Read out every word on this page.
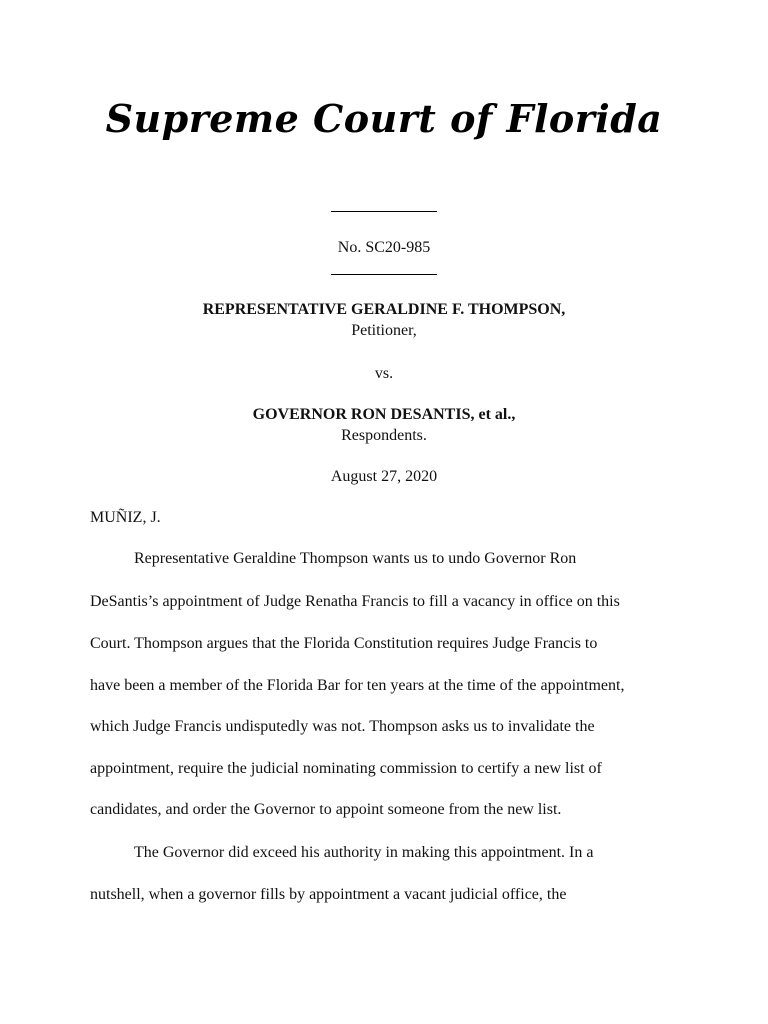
Supreme Court of Florida
No. SC20-985
REPRESENTATIVE GERALDINE F. THOMPSON,
Petitioner,
vs.
GOVERNOR RON DESANTIS, et al.,
Respondents.
August 27, 2020
MUÑIZ, J.
Representative Geraldine Thompson wants us to undo Governor Ron
DeSantis’s appointment of Judge Renatha Francis to fill a vacancy in office on this
Court. Thompson argues that the Florida Constitution requires Judge Francis to
have been a member of the Florida Bar for ten years at the time of the appointment,
which Judge Francis undisputedly was not. Thompson asks us to invalidate the
appointment, require the judicial nominating commission to certify a new list of
candidates, and order the Governor to appoint someone from the new list.
The Governor did exceed his authority in making this appointment. In a
nutshell, when a governor fills by appointment a vacant judicial office, the
